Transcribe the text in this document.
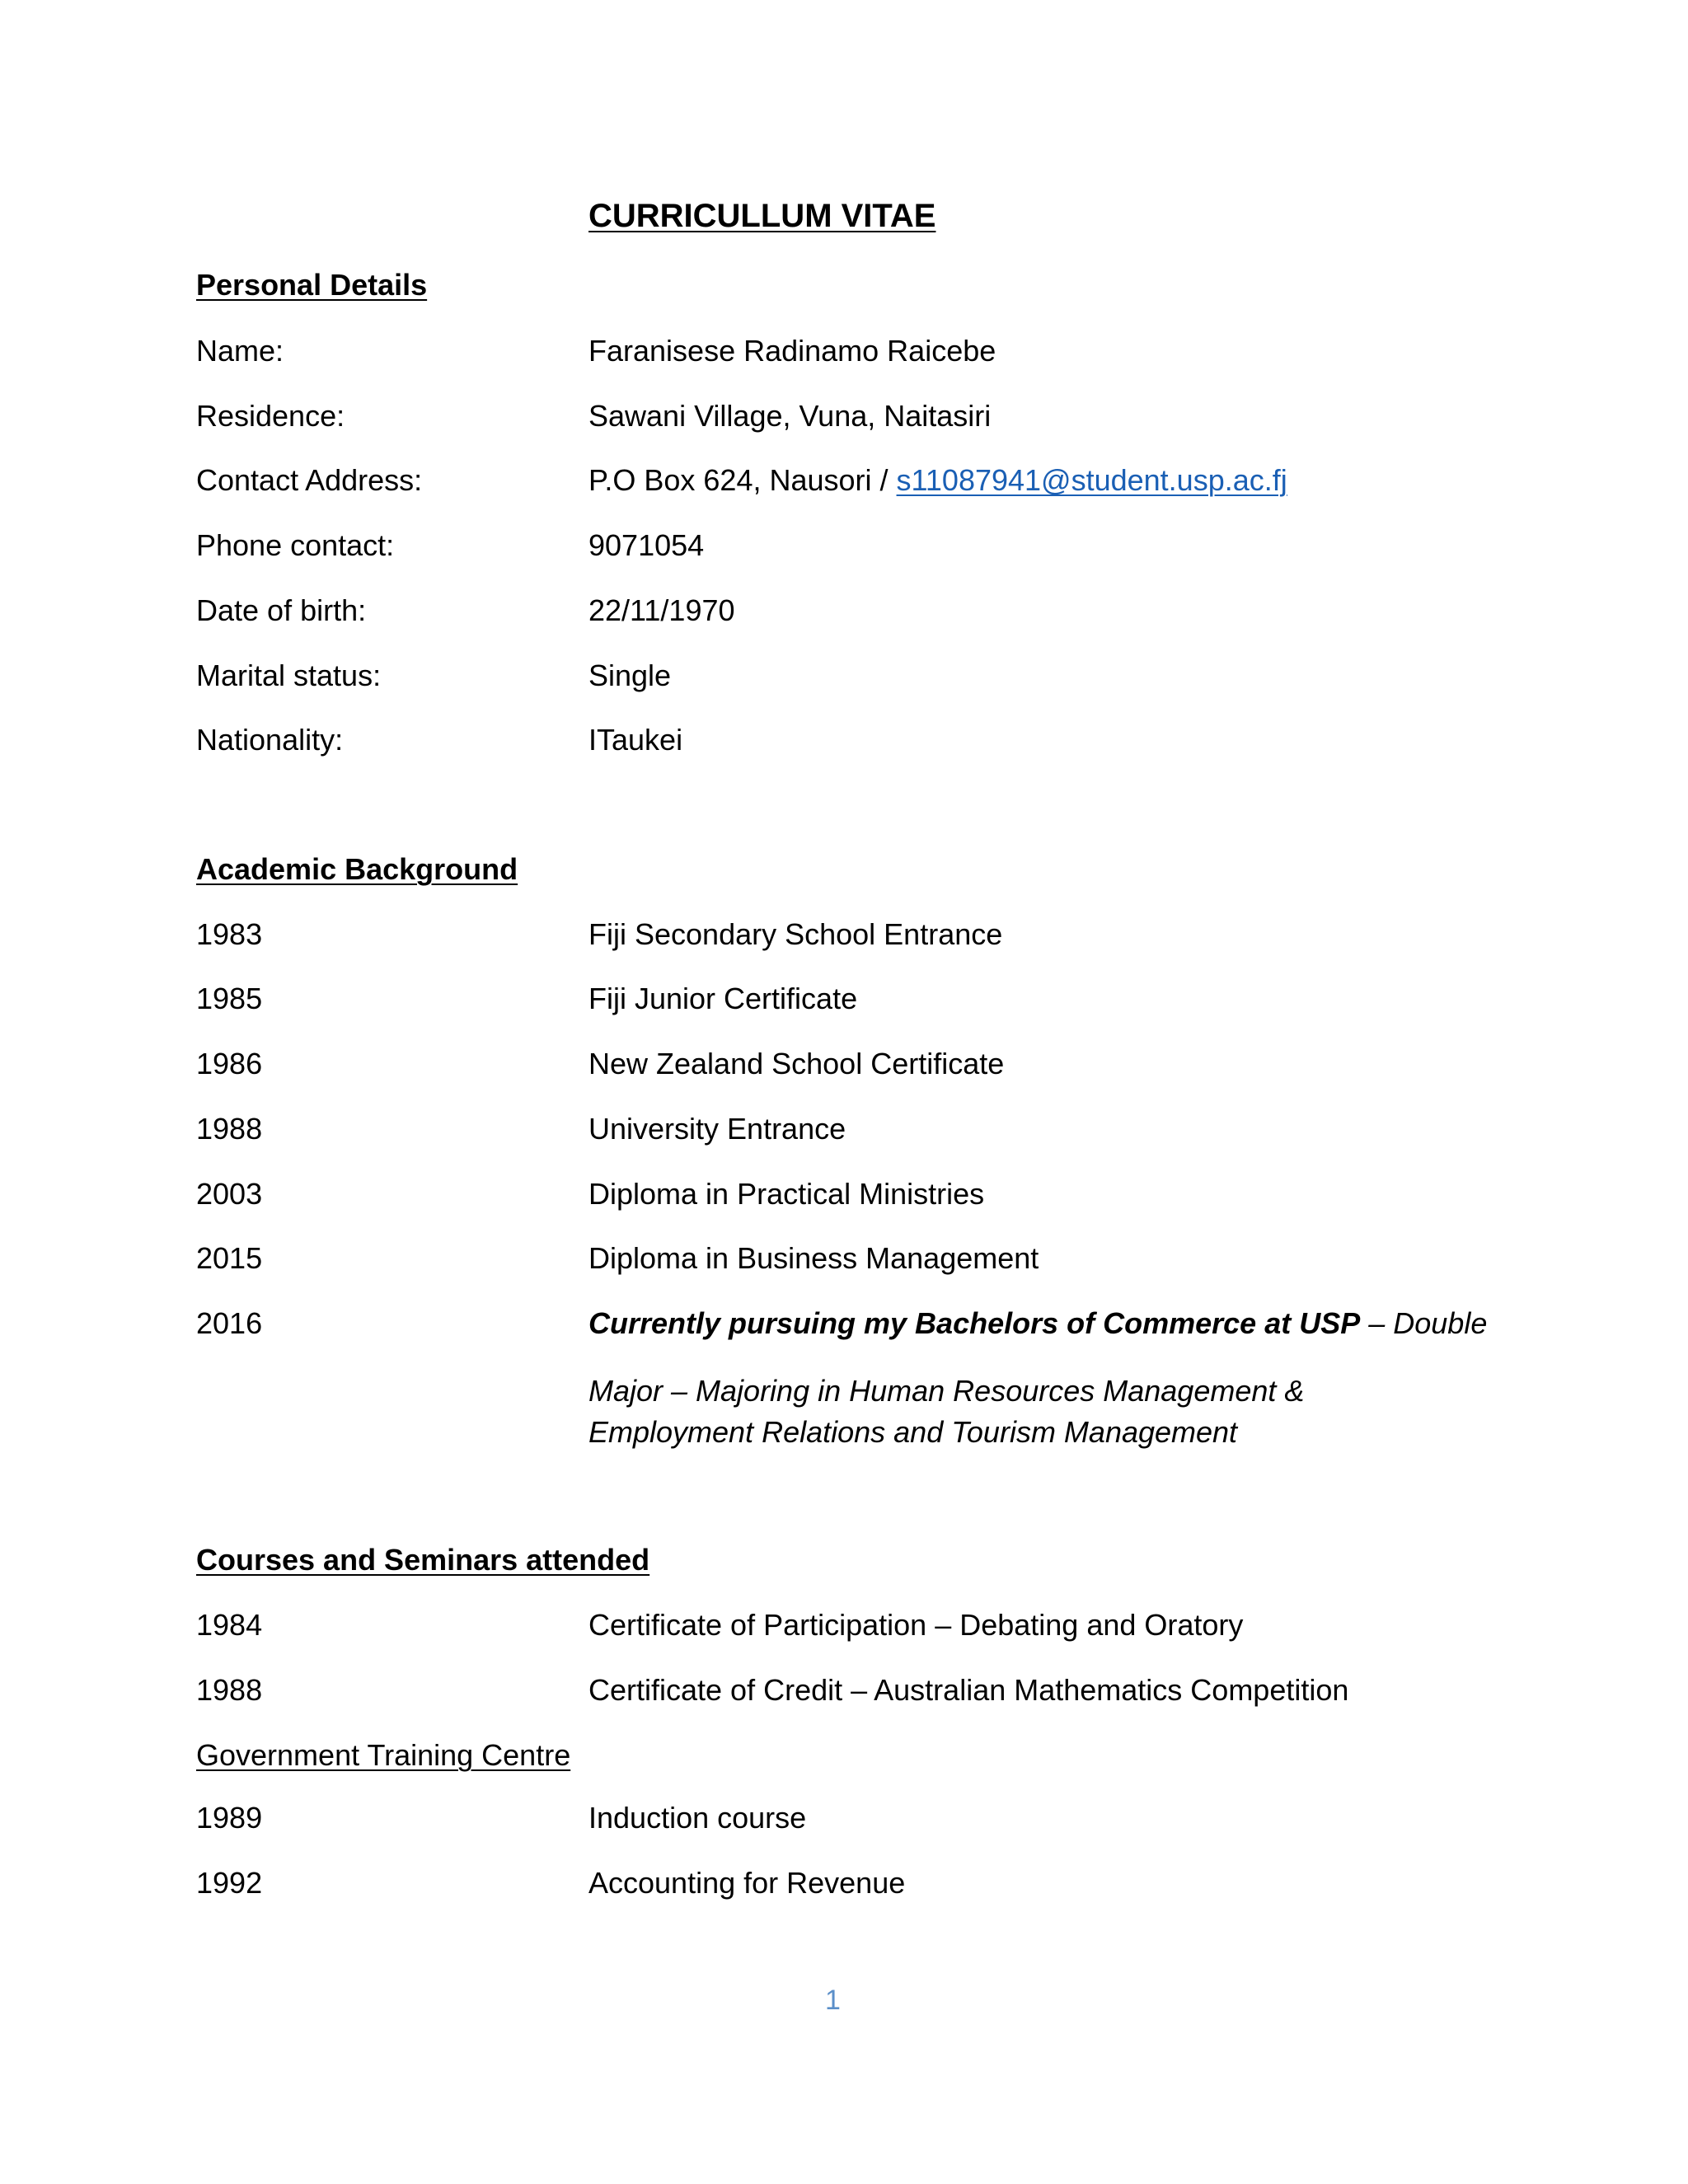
CURRICULLUM VITAE
Personal Details
Name:	Faranisese Radinamo Raicebe
Residence:	Sawani Village, Vuna, Naitasiri
Contact Address:	P.O Box 624, Nausori / s11087941@student.usp.ac.fj
Phone contact:	9071054
Date of birth:	22/11/1970
Marital status:	Single
Nationality:	ITaukei
Academic Background
1983	Fiji Secondary School Entrance
1985	Fiji Junior Certificate
1986	New Zealand School Certificate
1988	University Entrance
2003	Diploma in Practical Ministries
2015	Diploma in Business Management
2016	Currently pursuing my Bachelors of Commerce at USP – Double
Major – Majoring in Human Resources Management &
Employment Relations and Tourism Management
Courses and Seminars attended
1984	Certificate of Participation – Debating and Oratory
1988	Certificate of Credit – Australian Mathematics Competition
Government Training Centre
1989	Induction course
1992	Accounting for Revenue
1
